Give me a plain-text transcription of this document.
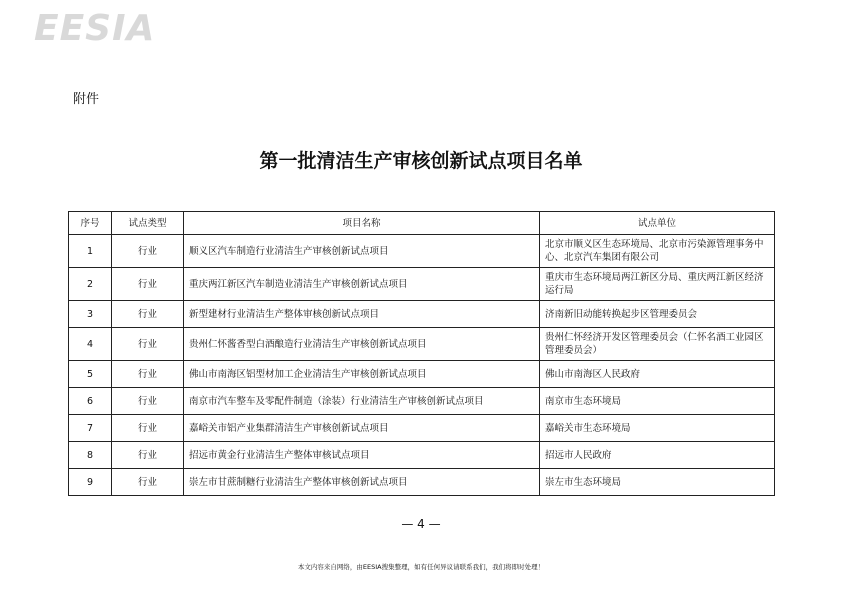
EESIA
附件
第一批清洁生产审核创新试点项目名单
序号	试点类型	项目名称	试点单位
1	行业	顺义区汽车制造行业清洁生产审核创新试点项目	北京市顺义区生态环境局、北京市污染源管理事务中心、北京汽车集团有限公司
2	行业	重庆两江新区汽车制造业清洁生产审核创新试点项目	重庆市生态环境局两江新区分局、重庆两江新区经济运行局
3	行业	新型建材行业清洁生产整体审核创新试点项目	济南新旧动能转换起步区管理委员会
4	行业	贵州仁怀酱香型白酒酿造行业清洁生产审核创新试点项目	贵州仁怀经济开发区管理委员会（仁怀名酒工业园区管理委员会）
5	行业	佛山市南海区铝型材加工企业清洁生产审核创新试点项目	佛山市南海区人民政府
6	行业	南京市汽车整车及零配件制造（涂装）行业清洁生产审核创新试点项目	南京市生态环境局
7	行业	嘉峪关市铝产业集群清洁生产审核创新试点项目	嘉峪关市生态环境局
8	行业	招远市黄金行业清洁生产整体审核试点项目	招远市人民政府
9	行业	崇左市甘蔗制糖行业清洁生产整体审核创新试点项目	崇左市生态环境局
— 4 —
本文内容来自网络，由EESIA搜集整理，如有任何异议请联系我们，我们将即时处理！
